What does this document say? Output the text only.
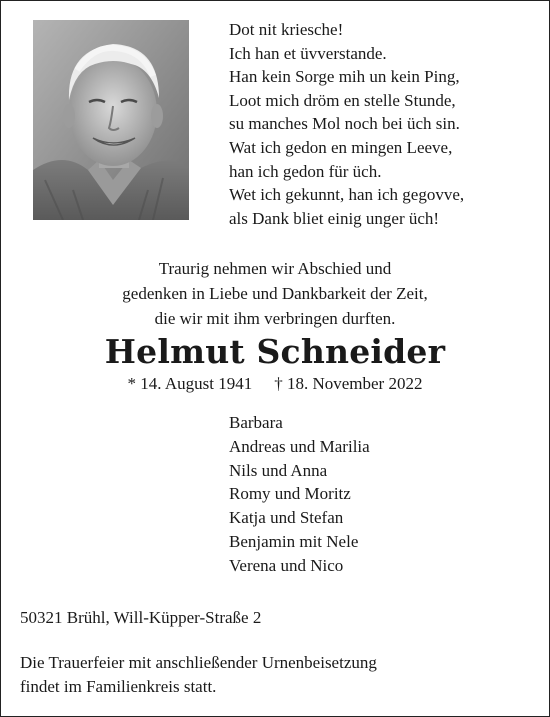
Dot nit kriesche!
Ich han et üvverstande.
Han kein Sorge mih un kein Ping,
Loot mich dröm en stelle Stunde,
su manches Mol noch bei üch sin.
Wat ich gedon en mingen Leeve,
han ich gedon für üch.
Wet ich gekunnt, han ich gegovve,
als Dank bliet einig unger üch!
Traurig nehmen wir Abschied und
gedenken in Liebe und Dankbarkeit der Zeit,
die wir mit ihm verbringen durften.
Helmut Schneider
* 14. August 1941 † 18. November 2022
Barbara
Andreas und Marilia
Nils und Anna
Romy und Moritz
Katja und Stefan
Benjamin mit Nele
Verena und Nico
50321 Brühl, Will-Küpper-Straße 2
Die Trauerfeier mit anschließender Urnenbeisetzung
findet im Familienkreis statt.
